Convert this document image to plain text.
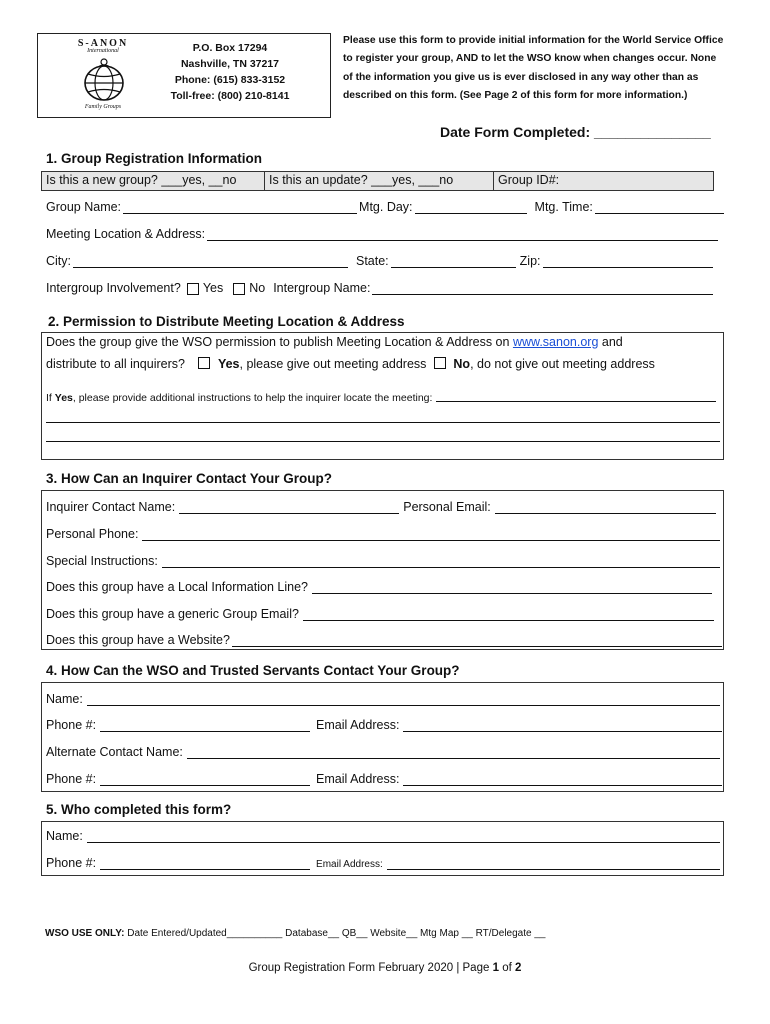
S-ANON
International
Family Groups
P.O. Box 17294
Nashville, TN 37217
Phone: (615) 833-3152
Toll-free: (800) 210-8141
Please use this form to provide initial information for the World Service Office to register your group, AND to let the WSO know when changes occur. None of the information you give us is ever disclosed in any way other than as described on this form. (See Page 2 of this form for more information.)
Date Form Completed: _______________
1. Group Registration Information
Is this a new group? ___yes, __no	Is this an update? ___yes, ___no	Group ID#:
Group Name:	Mtg. Day:	Mtg. Time:
Meeting Location & Address:
City:	State:	Zip:
Intergroup Involvement? Yes No Intergroup Name:
2. Permission to Distribute Meeting Location & Address
Does the group give the WSO permission to publish Meeting Location & Address on www.sanon.org and
distribute to all inquirers?	Yes, please give out meeting address No, do not give out meeting address
If
Yes , please provide additional instructions to help the inquirer locate the meeting:
3. How Can an Inquirer Contact Your Group?
Inquirer Contact Name:	Personal Email:
Personal Phone:
Special Instructions:
Does this group have a Local Information Line?
Does this group have a generic Group Email?
Does this group have a Website?
4. How Can the WSO and Trusted Servants Contact Your Group?
Name:
Phone #:	Email Address:
Alternate Contact Name:
Phone #:	Email Address:
5. Who completed this form?
Name:
Phone #:	Email Address:
WSO USE ONLY: Date Entered/Updated__________ Database__ QB__ Website__ Mtg Map __ RT/Delegate __
Group Registration Form February 2020 | Page 1 of 2
